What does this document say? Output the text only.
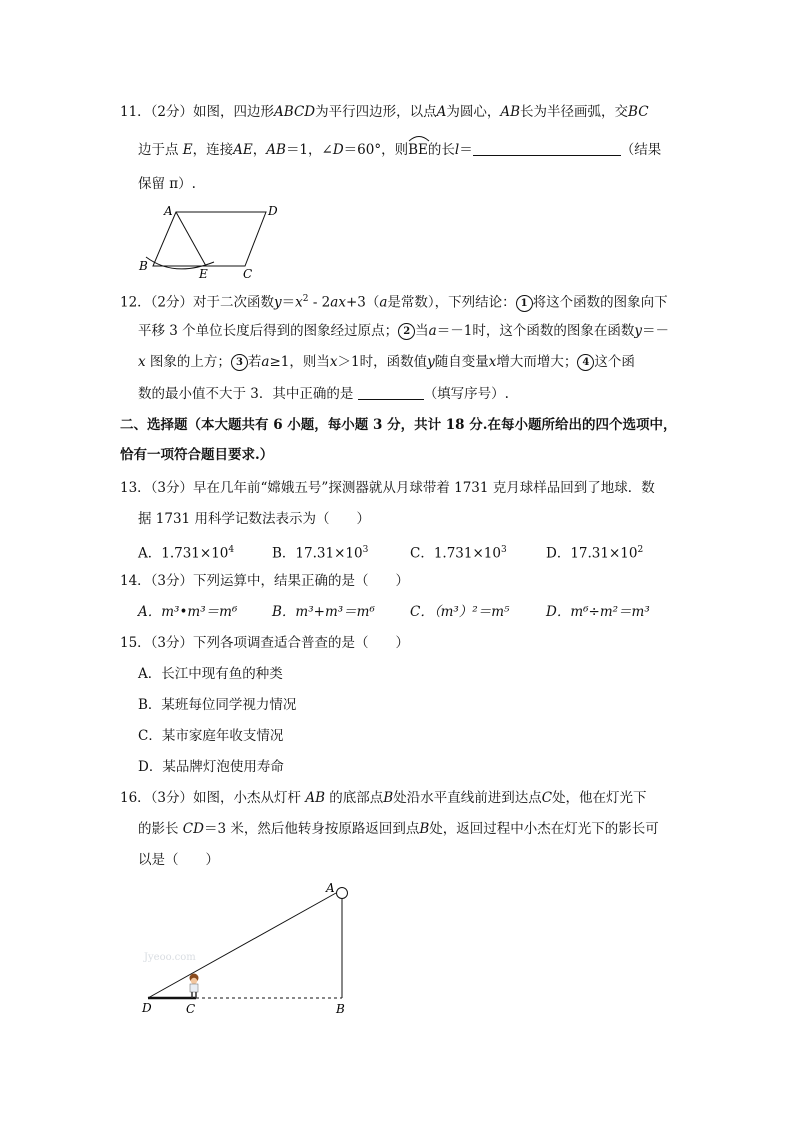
11．（2分）如图，四边形ABCD为平行四边形，以点A为圆心，AB长为半径画弧，交BC
边于点 E，连接AE，AB＝1，∠D＝60°，则
BE的长l＝	（结果
保留 π）.
A	D
B
E	C
12．（2分）对于二次函数$y=x^2 - 2ax+3(a$是常数），下列结论： 1 将这个函数的图象向下
平移 3 个单位长度后得到的图象经过原点； 2 当a＝－1时，这个函数的图象在函数y＝－
x 图象的上方； 3 若a≥1，则当x＞1时，函数值y随自变量x增大而增大； 4 这个函
数的最小值不大于 3．其中正确的是	（填写序号）.
二、选择题（本大题共有 6 小题，每小题 3 分，共计 18 分.在每小题所给出的四个选项中，
恰有一项符合题目要求.）
13．（3分）早在几年前“嫦娥五号”探测器就从月球带着 1731 克月球样品回到了地球．数
据 1731 用科学记数法表示为（　　）
A．$1.731\times 10^4$	B．$17.31\times 10^3$	C．$1.731\times 10^3$	D．$17.31\times 10^2$
14．（3分）下列运算中，结果正确的是（　　）
A．m³•m³＝m⁶	B．m³+m³＝m⁶	C．（m³）²＝m⁵	D．m⁶÷m²＝m³
15．（3分）下列各项调查适合普查的是（　　）
A．长江中现有鱼的种类
B．某班每位同学视力情况
C．某市家庭年收支情况
D．某品牌灯泡使用寿命
16．（3分）如图，小杰从灯杆 AB 的底部点B处沿水平直线前进到达点C处，他在灯光下
的影长 CD＝3 米，然后他转身按原路返回到点B处，返回过程中小杰在灯光下的影长可
以是（　　）
Jyeoo.com
A
D	C	B
